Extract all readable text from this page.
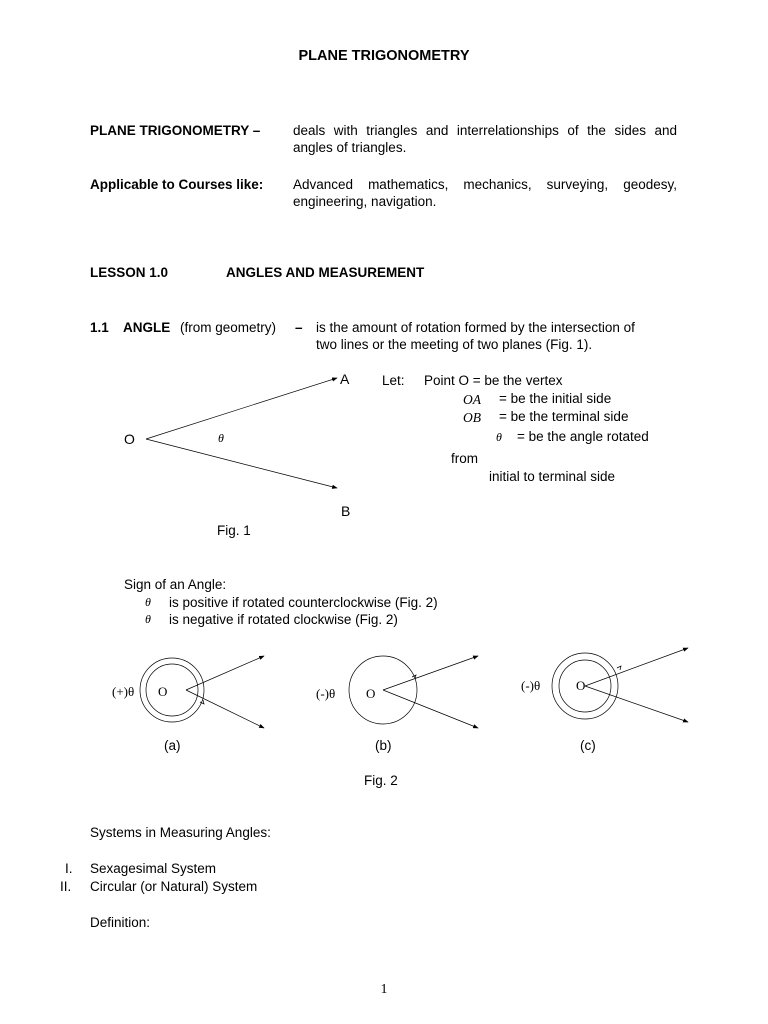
PLANE TRIGONOMETRY
PLANE TRIGONOMETRY – deals with triangles and interrelationships of the sides and angles of triangles.
Applicable to Courses like: Advanced mathematics, mechanics, surveying, geodesy, engineering, navigation.
LESSON 1.0	ANGLES AND MEASUREMENT
1.1 ANGLE (from geometry) – is the amount of rotation formed by the intersection of
two lines or the meeting of two planes (Fig. 1).
O
A
B
θ
Fig. 1
Let: Point O = be the vertex
OA = be the initial side
OB = be the terminal side
θ = be the angle rotated
from
initial to terminal side
Sign of an Angle:
θ is positive if rotated counterclockwise (Fig. 2)
θ is negative if rotated clockwise (Fig. 2)
(+)θ O
(a)
(-)θ O
(b)
(-)θ	O
(c)
Fig. 2
Systems in Measuring Angles:
I. Sexagesimal System
II. Circular (or Natural) System
Definition:
1
